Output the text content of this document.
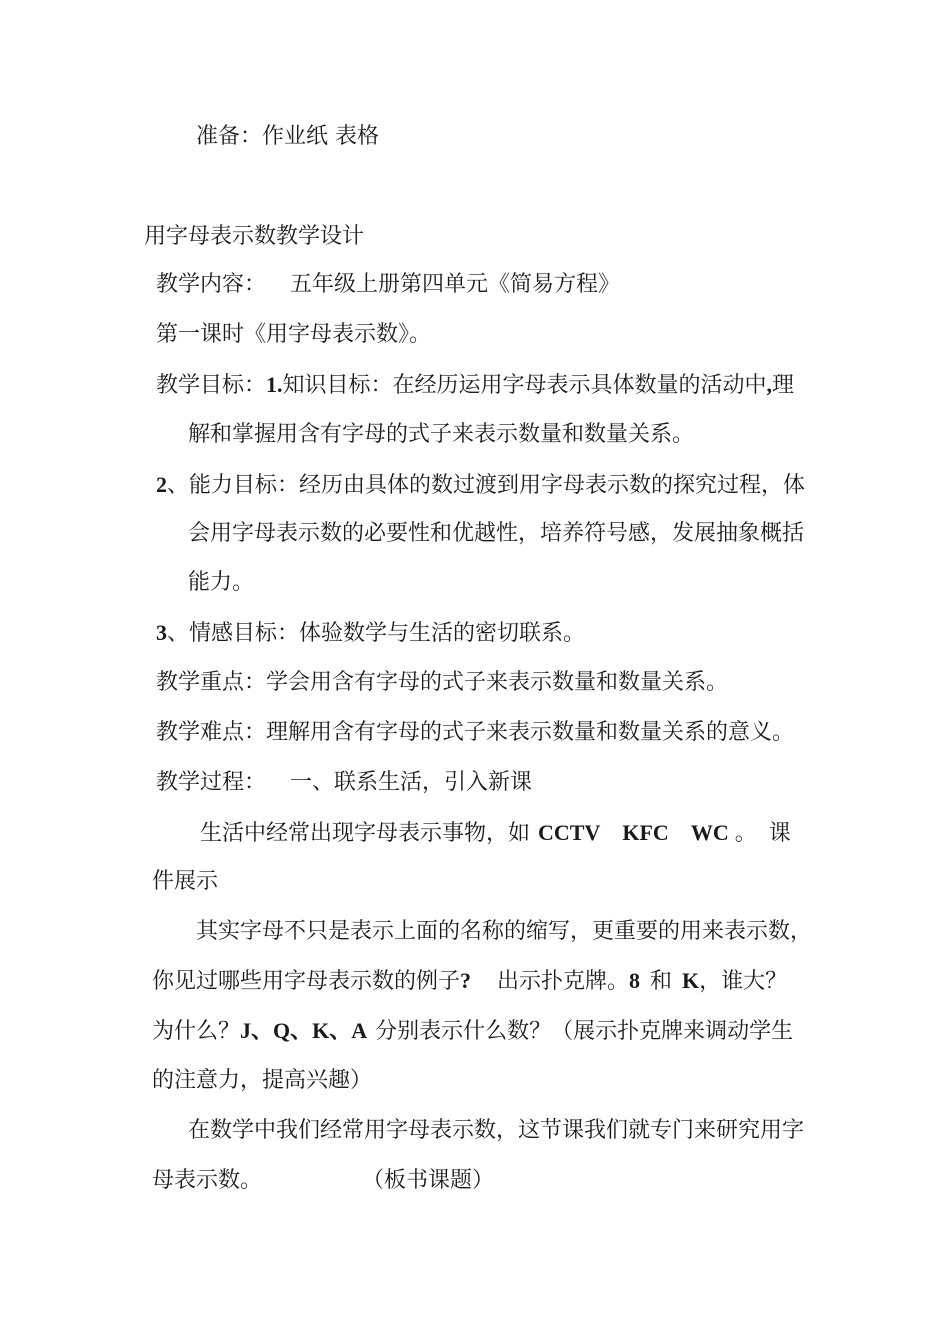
准备：作业纸 表格
用字母表示数教学设计
教学内容： 五年级上册第四单元《简易方程》
第一课时《用字母表示数》。
教学目标：1.知识目标：在经历运用字母表示具体数量的活动中,理
解和掌握用含有字母的式子来表示数量和数量关系。
2、能力目标：经历由具体的数过渡到用字母表示数的探究过程，体
会用字母表示数的必要性和优越性，培养符号感，发展抽象概括
能力。
3、情感目标：体验数学与生活的密切联系。
教学重点：学会用含有字母的式子来表示数量和数量关系。
教学难点：理解用含有字母的式子来表示数量和数量关系的意义。
教学过程： 一、联系生活，引入新课
生活中经常出现字母表示事物，如 CCTV KFC WC 。 课
件展示
其实字母不只是表示上面的名称的缩写，更重要的用来表示数，
你见过哪些用字母表示数的例子? 出示扑克牌。8 和 K，谁大？
为什么？J、Q、K、A 分别表示什么数？（展示扑克牌来调动学生
的注意力，提高兴趣）
在数学中我们经常用字母表示数，这节课我们就专门来研究用字
母表示数。	（板书课题）
